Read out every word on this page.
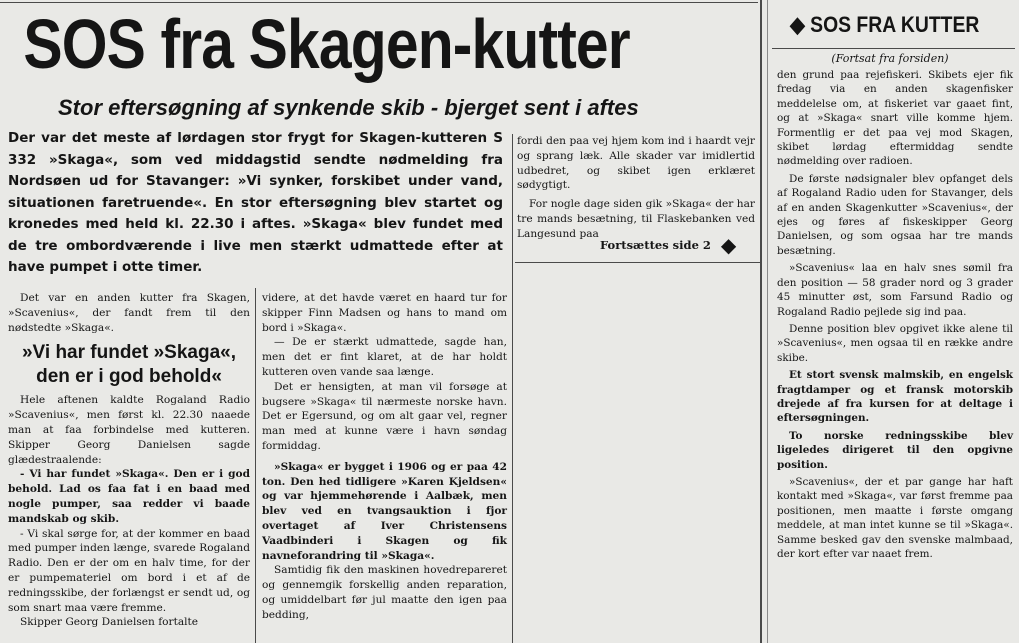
SOS fra Skagen-kutter
Stor eftersøgning af synkende skib - bjerget sent i aftes
Der var det meste af lørdagen stor frygt for Skagen-kutteren S 332 »Skaga«, som ved middagstid sendte nødmelding fra Nordsøen ud for Stavanger: »Vi synker, forskibet under vand, situationen faretruende«. En stor eftersøgning blev startet og kronedes med held kl. 22.30 i aftes. »Skaga« blev fundet med de tre ombordværende i live men stærkt udmattede efter at have pumpet i otte timer.

Det var en anden kutter fra Skagen, »Scavenius«, der fandt frem til den nødstedte »Skaga«.

»Vi har fundet »Skaga«, den er i god behold«

Hele aftenen kaldte Rogaland Radio »Scavenius«, men først kl. 22.30 naaede man at faa forbindelse med kutteren. Skipper Georg Danielsen sagde glædestraalende:

- Vi har fundet »Skaga«. Den er i god behold. Lad os faa fat i en baad med nogle pumper, saa redder vi baade mandskab og skib.

- Vi skal sørge for, at der kommer en baad med pumper inden længe, svarede Rogaland Radio. Den er der om en halv time, for der er pumpemateriel om bord i et af de redningsskibe, der forlængst er sendt ud, og som snart maa være fremme.

Skipper Georg Danielsen fortalte

videre, at det havde været en haard tur for skipper Finn Madsen og hans to mand om bord i »Skaga«.

— De er stærkt udmattede, sagde han, men det er fint klaret, at de har holdt kutteren oven vande saa længe.

Det er hensigten, at man vil forsøge at bugsere »Skaga« til nærmeste norske havn. Det er Egersund, og om alt gaar vel, regner man med at kunne være i havn søndag formiddag.

»Skaga« er bygget i 1906 og er paa 42 ton. Den hed tidligere »Karen Kjeldsen« og var hjemmehørende i Aalbæk, men blev ved en tvangsauktion i fjor overtaget af Iver Christensens Vaadbinderi i Skagen og fik navneforandring til »Skaga«.

Samtidig fik den maskinen hovedrepareret og gennemgik forskellig anden reparation, og umiddelbart før jul maatte den igen paa bedding,

fordi den paa vej hjem kom ind i haardt vejr og sprang læk. Alle skader var imidlertid udbedret, og skibet igen erklæret sødygtigt.

For nogle dage siden gik »Skaga« der har tre mands besætning, til Flaskebanken ved Langesund paa

Fortsættes side 2 ◆
◆ SOS FRA KUTTER
(Fortsat fra forsiden)

den grund paa rejefiskeri. Skibets ejer fik fredag via en anden skagenfisker meddelelse om, at fiskeriet var gaaet fint, og at »Skaga« snart ville komme hjem. Formentlig er det paa vej mod Skagen, skibet lørdag eftermiddag sendte nødmelding over radioen.

De første nødsignaler blev opfanget dels af Rogaland Radio uden for Stavanger, dels af en anden Skagenkutter »Scavenius«, der ejes og føres af fiskeskipper Georg Danielsen, og som ogsaa har tre mands besætning.

»Scavenius« laa en halv snes sømil fra den position — 58 grader nord og 3 grader 45 minutter øst, som Farsund Radio og Rogaland Radio pejlede sig ind paa.

Denne position blev opgivet ikke alene til »Scavenius«, men ogsaa til en række andre skibe.

Et stort svensk malmskib, en engelsk fragtdamper og et fransk motorskib drejede af fra kursen for at deltage i eftersøgningen.

To norske redningsskibe blev ligeledes dirigeret til den opgivne position.

»Scavenius«, der et par gange har haft kontakt med »Skaga«, var først fremme paa positionen, men maatte i første omgang meddele, at man intet kunne se til »Skaga«. Samme besked gav den svenske malmbaad, der kort efter var naaet frem.
